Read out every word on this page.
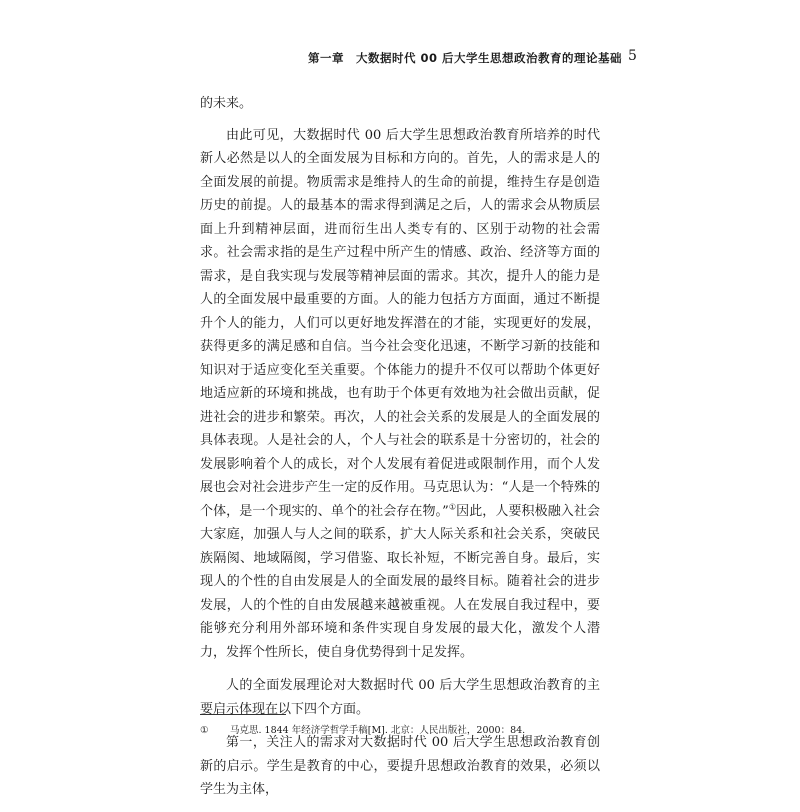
第一章　大数据时代 00 后大学生思想政治教育的理论基础 5

的未来。

由此可见，大数据时代 00 后大学生思想政治教育所培养的时代新人必然是以人的全面发展为目标和方向的。首先，人的需求是人的全面发展的前提。物质需求是维持人的生命的前提，维持生存是创造历史的前提。人的最基本的需求得到满足之后，人的需求会从物质层面上升到精神层面，进而衍生出人类专有的、区别于动物的社会需求。社会需求指的是生产过程中所产生的情感、政治、经济等方面的需求，是自我实现与发展等精神层面的需求。其次，提升人的能力是人的全面发展中最重要的方面。人的能力包括方方面面，通过不断提升个人的能力，人们可以更好地发挥潜在的才能，实现更好的发展，获得更多的满足感和自信。当今社会变化迅速，不断学习新的技能和知识对于适应变化至关重要。个体能力的提升不仅可以帮助个体更好地适应新的环境和挑战，也有助于个体更有效地为社会做出贡献，促进社会的进步和繁荣。再次，人的社会关系的发展是人的全面发展的具体表现。人是社会的人，个人与社会的联系是十分密切的，社会的发展影响着个人的成长，对个人发展有着促进或限制作用，而个人发展也会对社会进步产生一定的反作用。马克思认为：“人是一个特殊的个体，是一个现实的、单个的社会存在物。”①因此，人要积极融入社会大家庭，加强人与人之间的联系，扩大人际关系和社会关系，突破民族隔阂、地域隔阂，学习借鉴、取长补短，不断完善自身。最后，实现人的个性的自由发展是人的全面发展的最终目标。随着社会的进步发展，人的个性的自由发展越来越被重视。人在发展自我过程中，要能够充分利用外部环境和条件实现自身发展的最大化，激发个人潜力，发挥个性所长，使自身优势得到十足发挥。

人的全面发展理论对大数据时代 00 后大学生思想政治教育的主要启示体现在以下四个方面。

第一，关注人的需求对大数据时代 00 后大学生思想政治教育创新的启示。学生是教育的中心，要提升思想政治教育的效果，必须以学生为主体，

① 马克思. 1844 年经济学哲学手稿[M]. 北京：人民出版社，2000：84.
